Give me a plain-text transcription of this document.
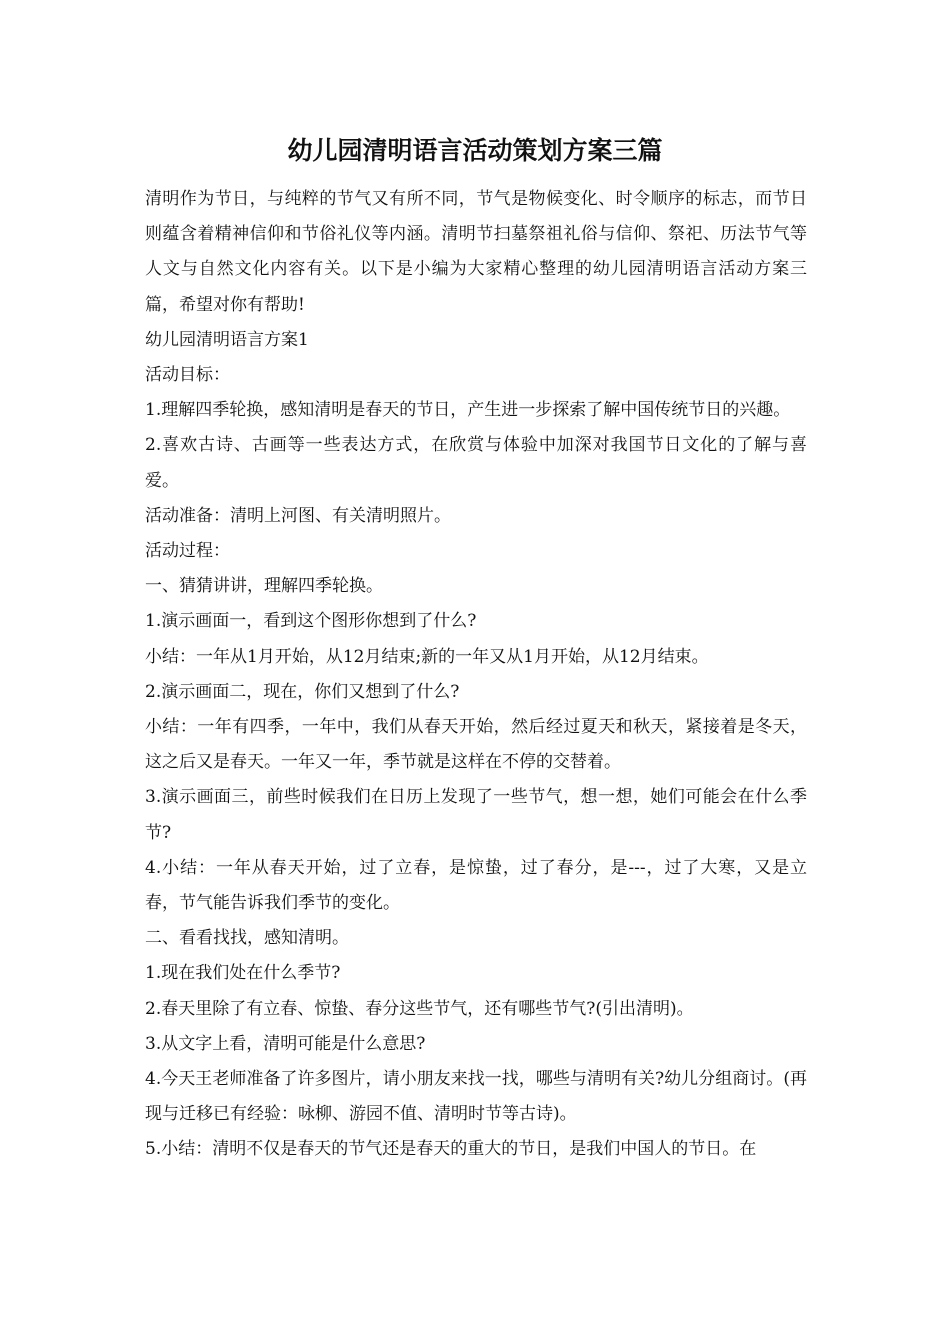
幼儿园清明语言活动策划方案三篇

清明作为节日，与纯粹的节气又有所不同，节气是物候变化、时令顺序的标志，而节日则蕴含着精神信仰和节俗礼仪等内涵。清明节扫墓祭祖礼俗与信仰、祭祀、历法节气等人文与自然文化内容有关。以下是小编为大家精心整理的幼儿园清明语言活动方案三篇，希望对你有帮助!

幼儿园清明语言方案1

活动目标：

1.理解四季轮换，感知清明是春天的节日，产生进一步探索了解中国传统节日的兴趣。

2.喜欢古诗、古画等一些表达方式，在欣赏与体验中加深对我国节日文化的了解与喜爱。

活动准备：清明上河图、有关清明照片。

活动过程：

一、猜猜讲讲，理解四季轮换。

1.演示画面一，看到这个图形你想到了什么?

小结：一年从1月开始，从12月结束;新的一年又从1月开始，从12月结束。

2.演示画面二，现在，你们又想到了什么?

小结：一年有四季，一年中，我们从春天开始，然后经过夏天和秋天，紧接着是冬天，这之后又是春天。一年又一年，季节就是这样在不停的交替着。

3.演示画面三，前些时候我们在日历上发现了一些节气，想一想，她们可能会在什么季节?

4.小结：一年从春天开始，过了立春，是惊蛰，过了春分，是---，过了大寒，又是立春，节气能告诉我们季节的变化。

二、看看找找，感知清明。

1.现在我们处在什么季节?

2.春天里除了有立春、惊蛰、春分这些节气，还有哪些节气?(引出清明)。

3.从文字上看，清明可能是什么意思?

4.今天王老师准备了许多图片，请小朋友来找一找，哪些与清明有关?幼儿分组商讨。(再现与迁移已有经验：咏柳、游园不值、清明时节等古诗)。

5.小结：清明不仅是春天的节气还是春天的重大的节日，是我们中国人的节日。在
